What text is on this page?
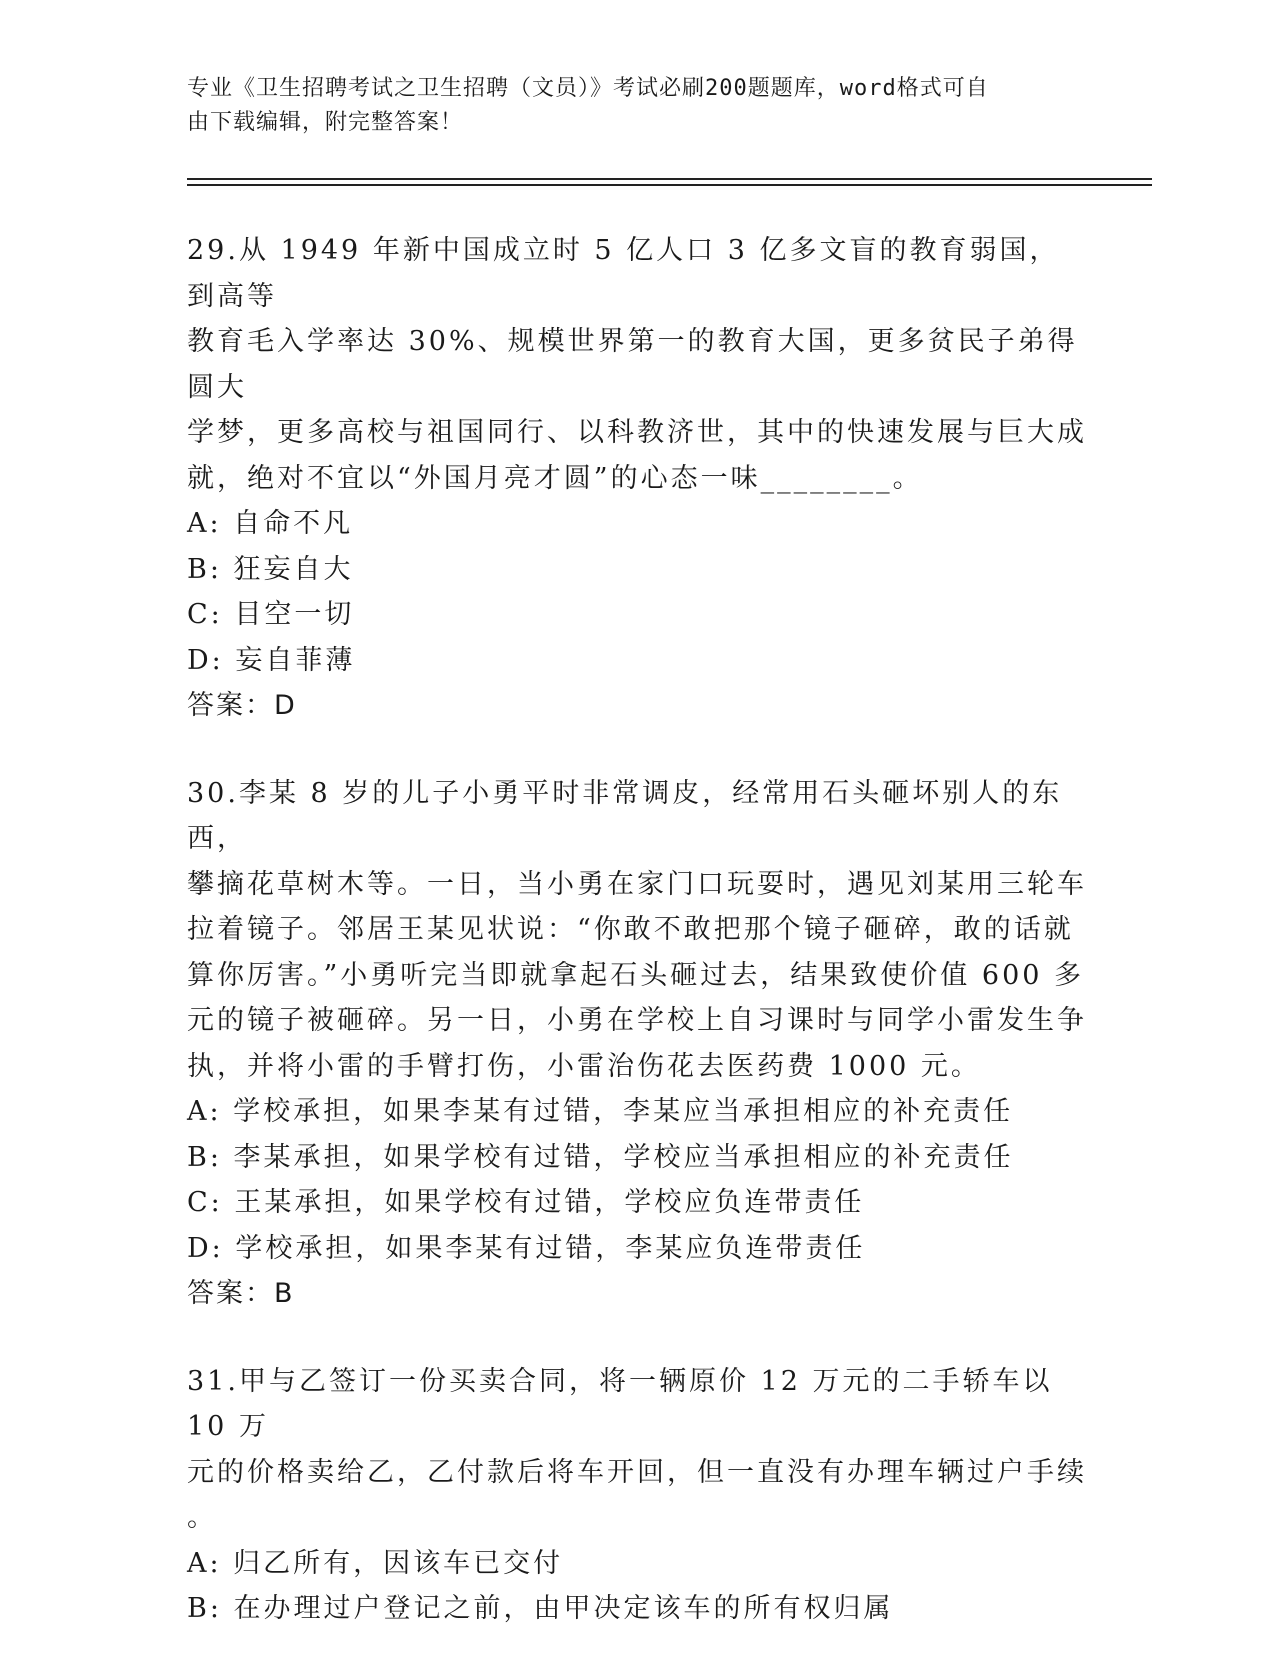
专业《卫生招聘考试之卫生招聘（文员）》考试必刷200题题库，word格式可自
由下载编辑，附完整答案！

29.从 1949 年新中国成立时 5 亿人口 3 亿多文盲的教育弱国，到高等

教育毛入学率达 30%、规模世界第一的教育大国，更多贫民子弟得圆大

学梦，更多高校与祖国同行、以科教济世，其中的快速发展与巨大成

就，绝对不宜以“外国月亮才圆”的心态一味________。

A: 自命不凡

B: 狂妄自大

C: 目空一切

D: 妄自菲薄

答案：D

30.李某 8 岁的儿子小勇平时非常调皮，经常用石头砸坏别人的东西，

攀摘花草树木等。一日，当小勇在家门口玩耍时，遇见刘某用三轮车

拉着镜子。邻居王某见状说：“你敢不敢把那个镜子砸碎，敢的话就

算你厉害。”小勇听完当即就拿起石头砸过去，结果致使价值 600 多

元的镜子被砸碎。另一日，小勇在学校上自习课时与同学小雷发生争

执，并将小雷的手臂打伤，小雷治伤花去医药费 1000 元。

A: 学校承担，如果李某有过错，李某应当承担相应的补充责任

B: 李某承担，如果学校有过错，学校应当承担相应的补充责任

C: 王某承担，如果学校有过错，学校应负连带责任

D: 学校承担，如果李某有过错，李某应负连带责任

答案：B

31.甲与乙签订一份买卖合同，将一辆原价 12 万元的二手轿车以 10 万

元的价格卖给乙，乙付款后将车开回，但一直没有办理车辆过户手续

。

A: 归乙所有，因该车已交付

B: 在办理过户登记之前，由甲决定该车的所有权归属
